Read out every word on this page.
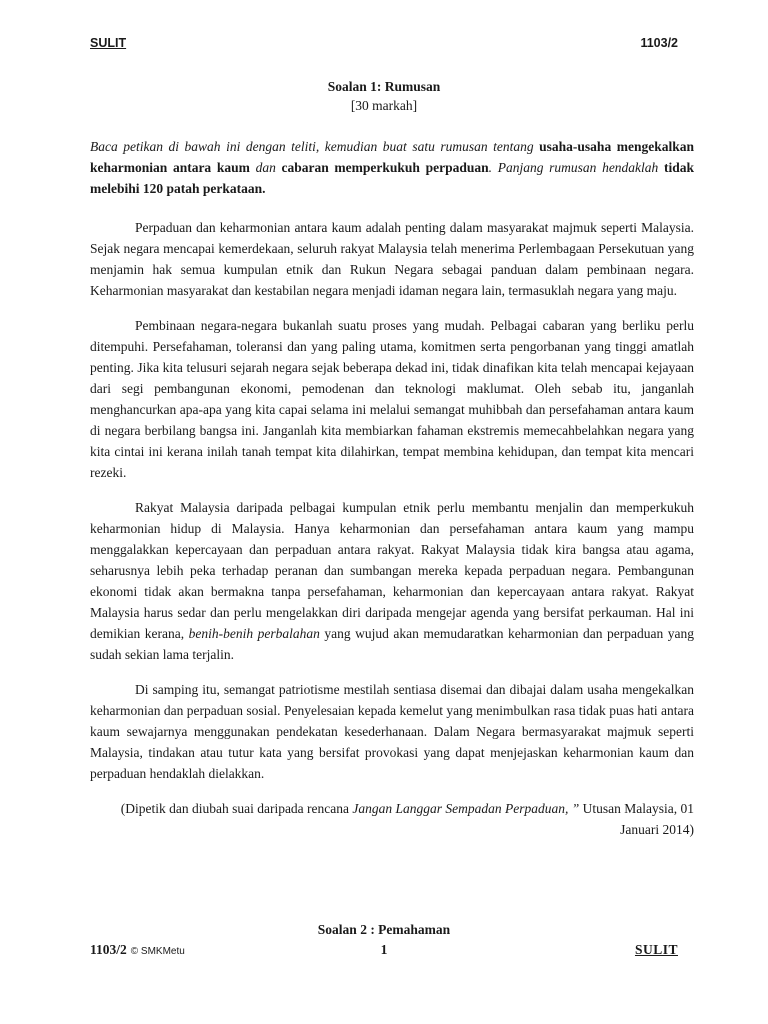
SULIT	1103/2
Soalan 1: Rumusan
[30 markah]

Baca petikan di bawah ini dengan teliti, kemudian buat satu rumusan tentang usaha-usaha mengekalkan keharmonian antara kaum dan cabaran memperkukuh perpaduan. Panjang rumusan hendaklah tidak melebihi 120 patah perkataan.

Perpaduan dan keharmonian antara kaum adalah penting dalam masyarakat majmuk seperti Malaysia. Sejak negara mencapai kemerdekaan, seluruh rakyat Malaysia telah menerima Perlembagaan Persekutuan yang menjamin hak semua kumpulan etnik dan Rukun Negara sebagai panduan dalam pembinaan negara. Keharmonian masyarakat dan kestabilan negara menjadi idaman negara lain, termasuklah negara yang maju.

Pembinaan negara-negara bukanlah suatu proses yang mudah. Pelbagai cabaran yang berliku perlu ditempuhi. Persefahaman, toleransi dan yang paling utama, komitmen serta pengorbanan yang tinggi amatlah penting. Jika kita telusuri sejarah negara sejak beberapa dekad ini, tidak dinafikan kita telah mencapai kejayaan dari segi pembangunan ekonomi, pemodenan dan teknologi maklumat. Oleh sebab itu, janganlah menghancurkan apa-apa yang kita capai selama ini melalui semangat muhibbah dan persefahaman antara kaum di negara berbilang bangsa ini. Janganlah kita membiarkan fahaman ekstremis memecahbelahkan negara yang kita cintai ini kerana inilah tanah tempat kita dilahirkan, tempat membina kehidupan, dan tempat kita mencari rezeki.

Rakyat Malaysia daripada pelbagai kumpulan etnik perlu membantu menjalin dan memperkukuh keharmonian hidup di Malaysia. Hanya keharmonian dan persefahaman antara kaum yang mampu menggalakkan kepercayaan dan perpaduan antara rakyat. Rakyat Malaysia tidak kira bangsa atau agama, seharusnya lebih peka terhadap peranan dan sumbangan mereka kepada perpaduan negara. Pembangunan ekonomi tidak akan bermakna tanpa persefahaman, keharmonian dan kepercayaan antara rakyat. Rakyat Malaysia harus sedar dan perlu mengelakkan diri daripada mengejar agenda yang bersifat perkauman. Hal ini demikian kerana, benih-benih perbalahan yang wujud akan memudaratkan keharmonian dan perpaduan yang sudah sekian lama terjalin.

Di samping itu, semangat patriotisme mestilah sentiasa disemai dan dibajai dalam usaha mengekalkan keharmonian dan perpaduan sosial. Penyelesaian kepada kemelut yang menimbulkan rasa tidak puas hati antara kaum sewajarnya menggunakan pendekatan kesederhanaan. Dalam Negara bermasyarakat majmuk seperti Malaysia, tindakan atau tutur kata yang bersifat provokasi yang dapat menjejaskan keharmonian kaum dan perpaduan hendaklah dielakkan.

(Dipetik dan diubah suai daripada rencana Jangan Langgar Sempadan Perpaduan, ” Utusan Malaysia, 01 Januari 2014)

Soalan 2 : Pemahaman
1103/2 © SMKMetu	1	SULIT
